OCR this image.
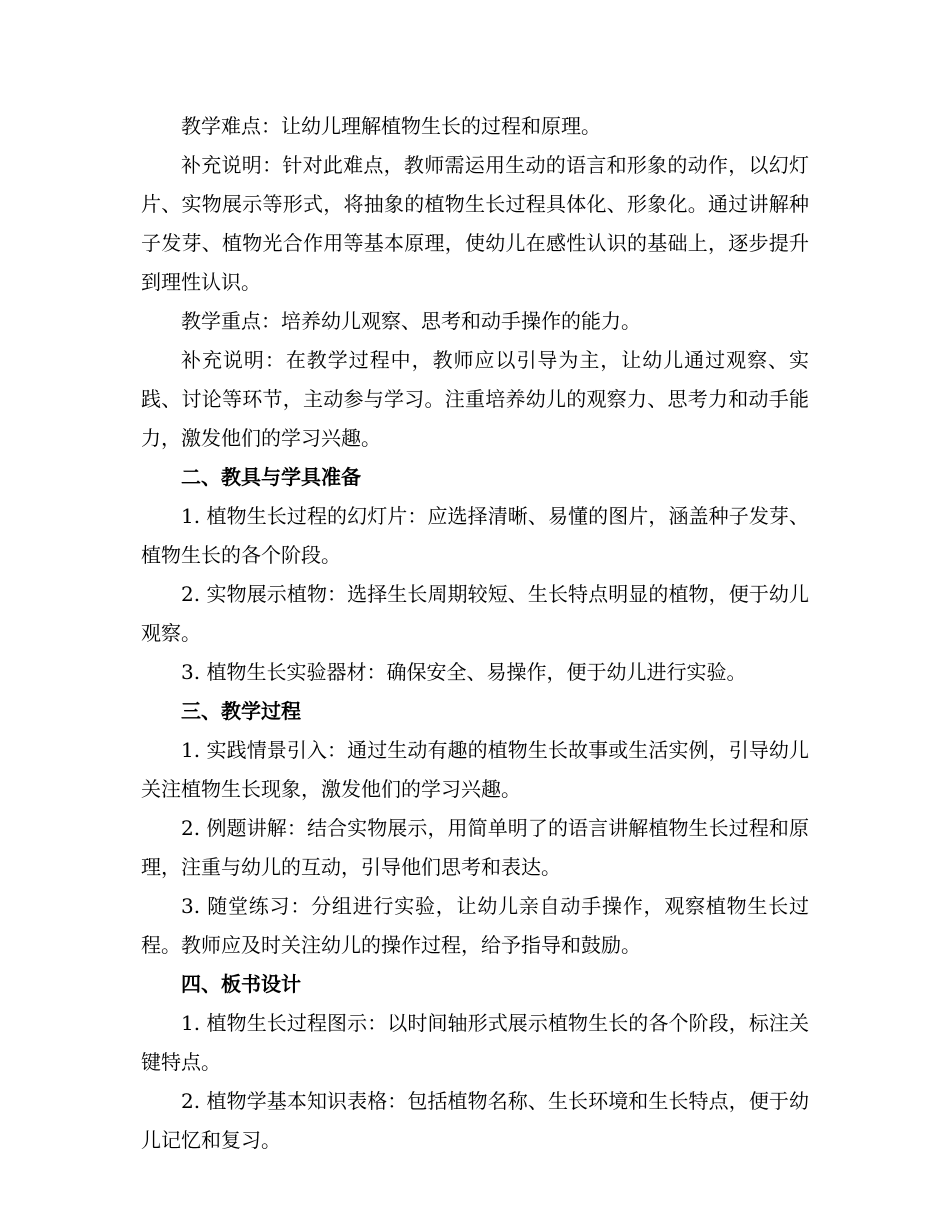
教学难点：让幼儿理解植物生长的过程和原理。

补充说明：针对此难点，教师需运用生动的语言和形象的动作，以幻灯片、实物展示等形式，将抽象的植物生长过程具体化、形象化。通过讲解种子发芽、植物光合作用等基本原理，使幼儿在感性认识的基础上，逐步提升到理性认识。

教学重点：培养幼儿观察、思考和动手操作的能力。

补充说明：在教学过程中，教师应以引导为主，让幼儿通过观察、实践、讨论等环节，主动参与学习。注重培养幼儿的观察力、思考力和动手能力，激发他们的学习兴趣。

二、教具与学具准备

1. 植物生长过程的幻灯片：应选择清晰、易懂的图片，涵盖种子发芽、植物生长的各个阶段。

2. 实物展示植物：选择生长周期较短、生长特点明显的植物，便于幼儿观察。

3. 植物生长实验器材：确保安全、易操作，便于幼儿进行实验。

三、教学过程

1. 实践情景引入：通过生动有趣的植物生长故事或生活实例，引导幼儿关注植物生长现象，激发他们的学习兴趣。

2. 例题讲解：结合实物展示，用简单明了的语言讲解植物生长过程和原理，注重与幼儿的互动，引导他们思考和表达。

3. 随堂练习：分组进行实验，让幼儿亲自动手操作，观察植物生长过程。教师应及时关注幼儿的操作过程，给予指导和鼓励。

四、板书设计

1. 植物生长过程图示：以时间轴形式展示植物生长的各个阶段，标注关键特点。

2. 植物学基本知识表格：包括植物名称、生长环境和生长特点，便于幼儿记忆和复习。
